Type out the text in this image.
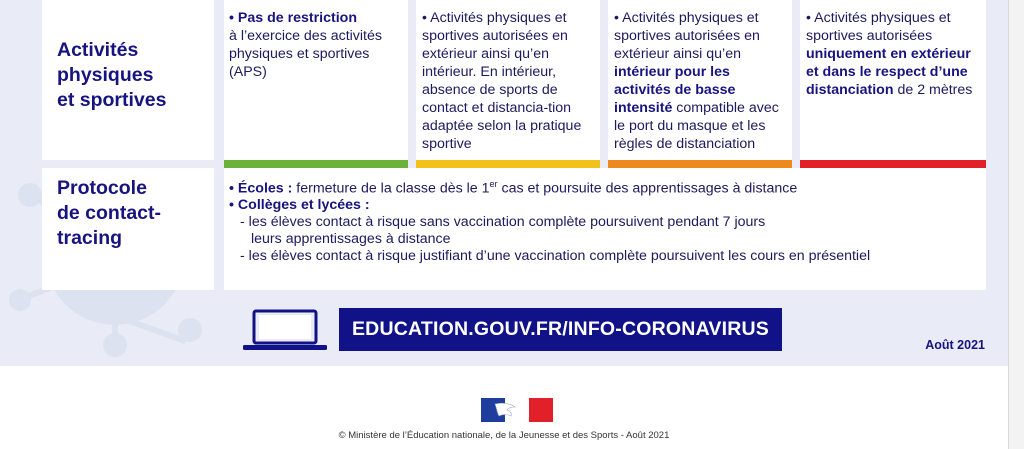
Activités
physiques
et sportives

• Pas de restriction
à l’exercice des activités physiques et sportives (APS)
• Activités physiques et sportives autorisées en extérieur ainsi qu’en intérieur. En intérieur, absence de sports de contact et distancia-tion adaptée selon la pratique sportive
• Activités physiques et sportives autorisées en extérieur ainsi qu’en intérieur pour les activités de basse intensité compatible avec le port du masque et les règles de distanciation
• Activités physiques et sportives autorisées uniquement en extérieur et dans le respect d’une distanciation de 2 mètres

Protocole
de contact-
tracing

• Écoles : fermeture de la classe dès le 1er cas et poursuite des apprentissages à distance
• Collèges et lycées :
- les élèves contact à risque sans vaccination complète poursuivent pendant 7 jours
leurs apprentissages à distance
- les élèves contact à risque justifiant d’une vaccination complète poursuivent les cours en présentiel
EDUCATION.GOUV.FR/INFO-CORONAVIRUS
Août 2021
© Ministère de l’Éducation nationale, de la Jeunesse et des Sports - Août 2021
